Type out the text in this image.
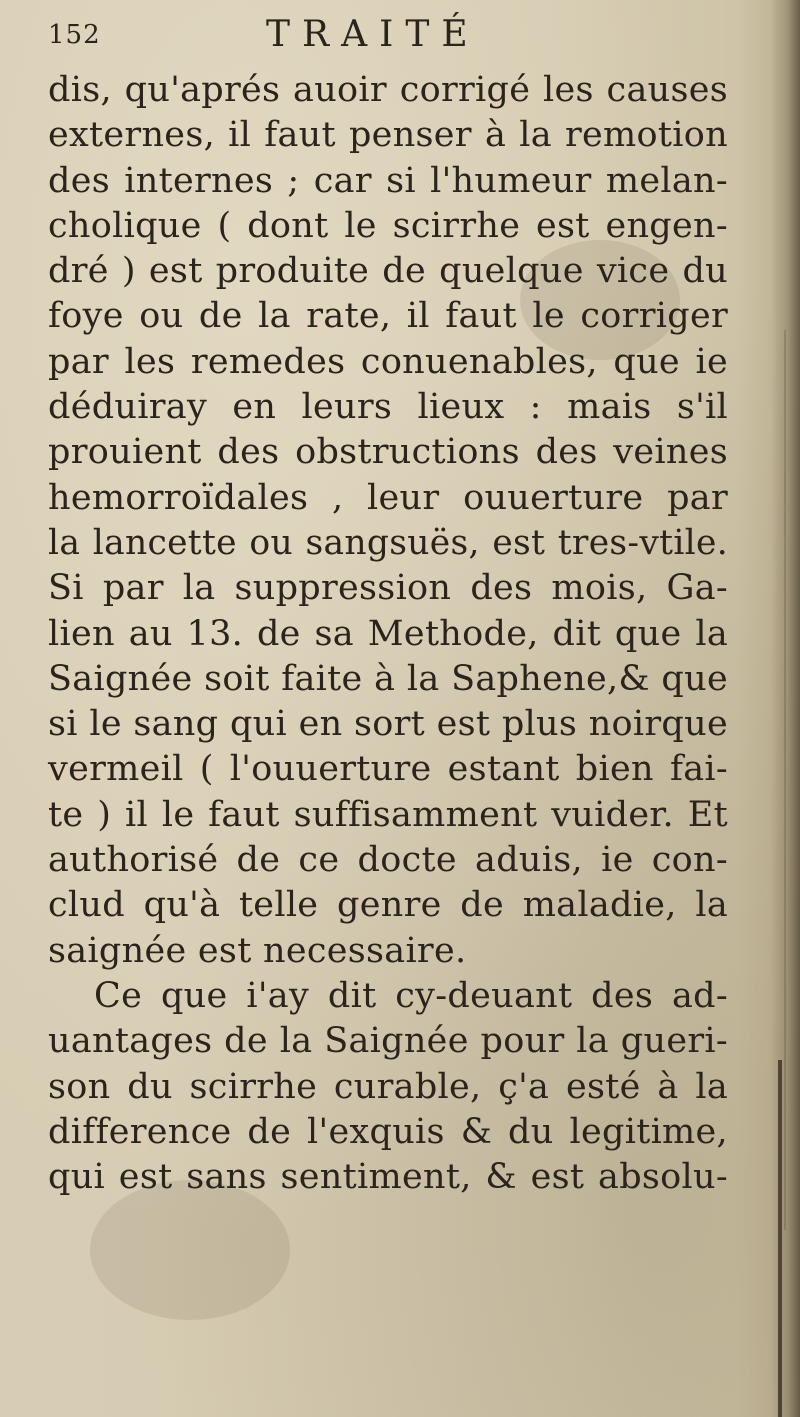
152	TRAITÉ
dis, qu'aprés auoir corrigé les causes
externes, il faut penser à la remotion
des internes ; car si l'humeur melan-
cholique ( dont le scirrhe est engen-
dré ) est produite de quelque vice du
foye ou de la rate, il faut le corriger
par les remedes conuenables, que ie
déduiray en leurs lieux : mais s'il
prouient des obstructions des veines
hemorroïdales , leur ouuerture par
la lancette ou sangsuës, est tres-vtile.
Si par la suppression des mois, Ga-
lien au 13. de sa Methode, dit que la
Saignée soit faite à la Saphene,& que
si le sang qui en sort est plus noirque
vermeil ( l'ouuerture estant bien fai-
te ) il le faut suffisamment vuider. Et
authorisé de ce docte aduis, ie con-
clud qu'à telle genre de maladie, la
saignée est necessaire.
Ce que i'ay dit cy-deuant des ad-
uantages de la Saignée pour la gueri-
son du scirrhe curable, ç'a esté à la
difference de l'exquis & du legitime,
qui est sans sentiment, & est absolu-
